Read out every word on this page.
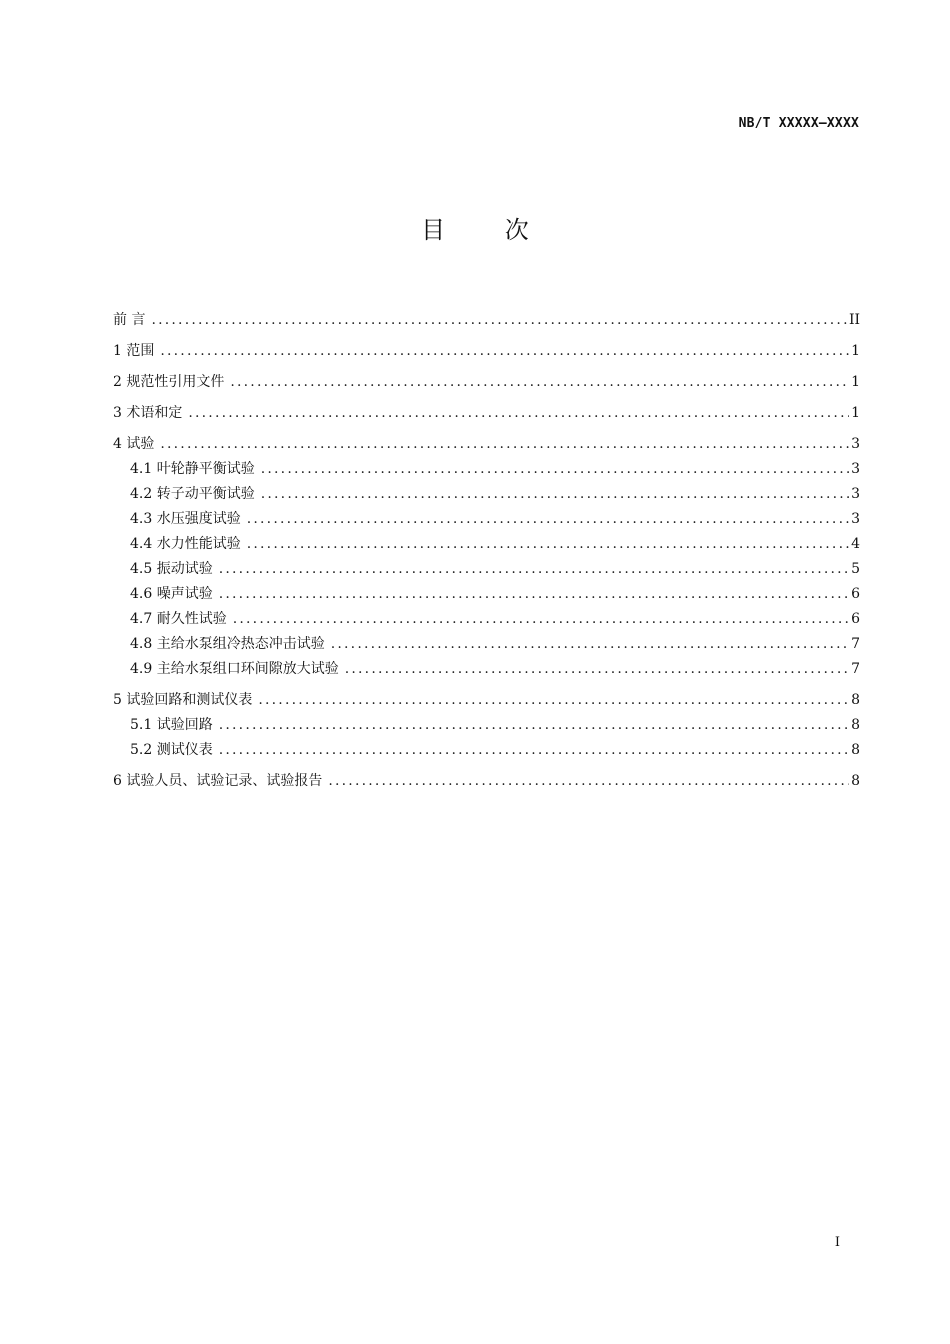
NB/T XXXXX—XXXX
目 次
前 言 .....	II
1 范围 .....	1
2 规范性引用文件 .....	1
3 术语和定 .....	1
4 试验 .....	3
4.1 叶轮静平衡试验 .....	3
4.2 转子动平衡试验 .....	3
4.3 水压强度试验 .....	3
4.4 水力性能试验 .....	4
4.5 振动试验 .....	5
4.6 噪声试验 .....	6
4.7 耐久性试验 .....	6
4.8 主给水泵组冷热态冲击试验 .....	7
4.9 主给水泵组口环间隙放大试验 .....	7
5 试验回路和测试仪表 .....	8
5.1 试验回路 .....	8
5.2 测试仪表 .....	8
6 试验人员、试验记录、试验报告 .....	8
I
